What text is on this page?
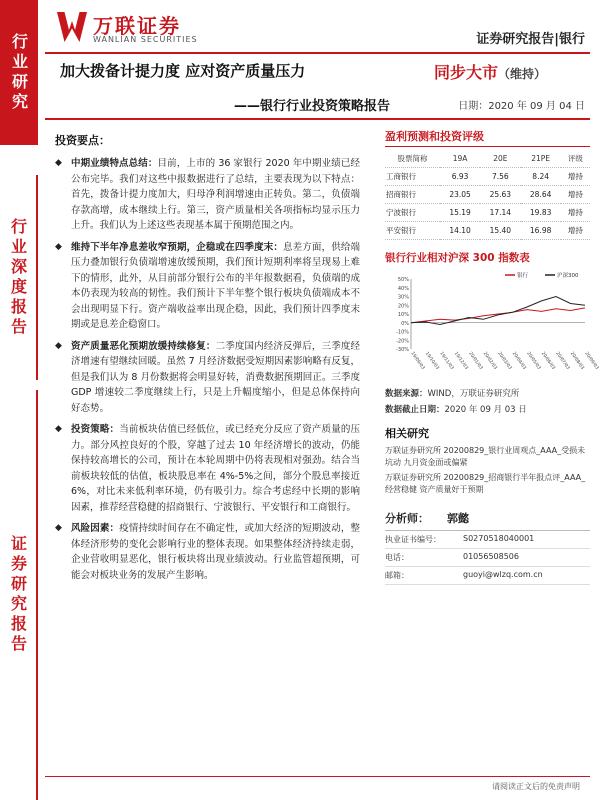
行业研究
行业深度报告
证券研究报告
万联证券
WANLIAN SECURITIES	证券研究报告|银行
加大拨备计提力度 应对资产质量压力
——银行行业投资策略报告
同步大市（维持）
日期：2020 年 09 月 04 日
投资要点：
◆ 中期业绩特点总结：目前，上市的 36 家银行 2020 年中期业绩已经公布完毕。我们对这些中报数据进行了总结，主要表现为以下特点：首先，拨备计提力度加大，归母净利润增速由正转负。第二，负债端存款高增，成本继续上行。第三，资产质量相关各项指标均显示压力上升。我们认为上述这些表现基本属于预期范围之内。
◆ 维持下半年净息差收窄预期，企稳或在四季度末：息差方面，供给端压力叠加银行负债端增速放缓预期，我们预计短期利率将呈现易上难下的情形，此外，从目前部分银行公布的半年报数据看，负债端的成本仍表现为较高的韧性。我们预计下半年整个银行板块负债端成本不会出现明显下行。资产端收益率出现企稳，因此，我们预计四季度末期或是息差企稳窗口。
◆ 资产质量恶化预期放缓持续修复：二季度国内经济反弹后，三季度经济增速有望继续回暖。虽然 7 月经济数据受短期因素影响略有反复，但是我们认为 8 月份数据将会明显好转，消费数据预期回正。三季度 GDP 增速较二季度继续上行，只是上升幅度缩小，但是总体保持向好态势。
◆ 投资策略：当前板块估值已经低位，或已经充分反应了资产质量的压力。部分风控良好的个股，穿越了过去 10 年经济增长的波动，仍能保持较高增长的公司，预计在本轮周期中仍将表现相对强劲。结合当前板块较低的估值，板块股息率在 4%-5%之间，部分个股息率接近 6%，对比未来低利率环境，仍有吸引力。综合考虑经中长期的影响因素，推荐经营稳健的招商银行、宁波银行、平安银行和工商银行。
◆ 风险因素：疫情持续时间存在不确定性，或加大经济的短期波动，整体经济形势的变化会影响行业的整体表现。如果整体经济持续走弱，企业营收明显恶化，银行板块将出现业绩波动。行业监管超预期，可能会对板块业务的发展产生影响。
盈利预测和投资评级
股票简称	19A	20E	21PE	评级
工商银行	6.93	7.56	8.24	增持
招商银行	23.05	25.63	28.64	增持
宁波银行	15.19	17.14	19.83	增持
平安银行	14.10	15.40	16.98	增持
银行行业相对沪深 300 指数表
50%
40%
30%
20%
10%
0%
-10%
-20%
-30%
19/09/03
19/10/03
19/11/03
19/12/03
20/01/03
20/02/03
20/03/03
20/04/03
20/05/03
20/06/03
20/07/03
20/08/03
20/09/03
银行	沪深300
数据来源：WIND，万联证券研究所
数据截止日期：2020 年 09 月 03 日
相关研究
万联证券研究所 20200829_银行业周观点_AAA_受损未坑动 九月资金面或偏紧
万联证券研究所 20200829_招商银行半年报点评_AAA_经营稳健 资产质量好于预期
分析师： 郭懿
执业证书编号：	S0270518040001
电话：	01056508506
邮箱：	guoyi@wlzq.com.cn
请阅读正文后的免责声明
